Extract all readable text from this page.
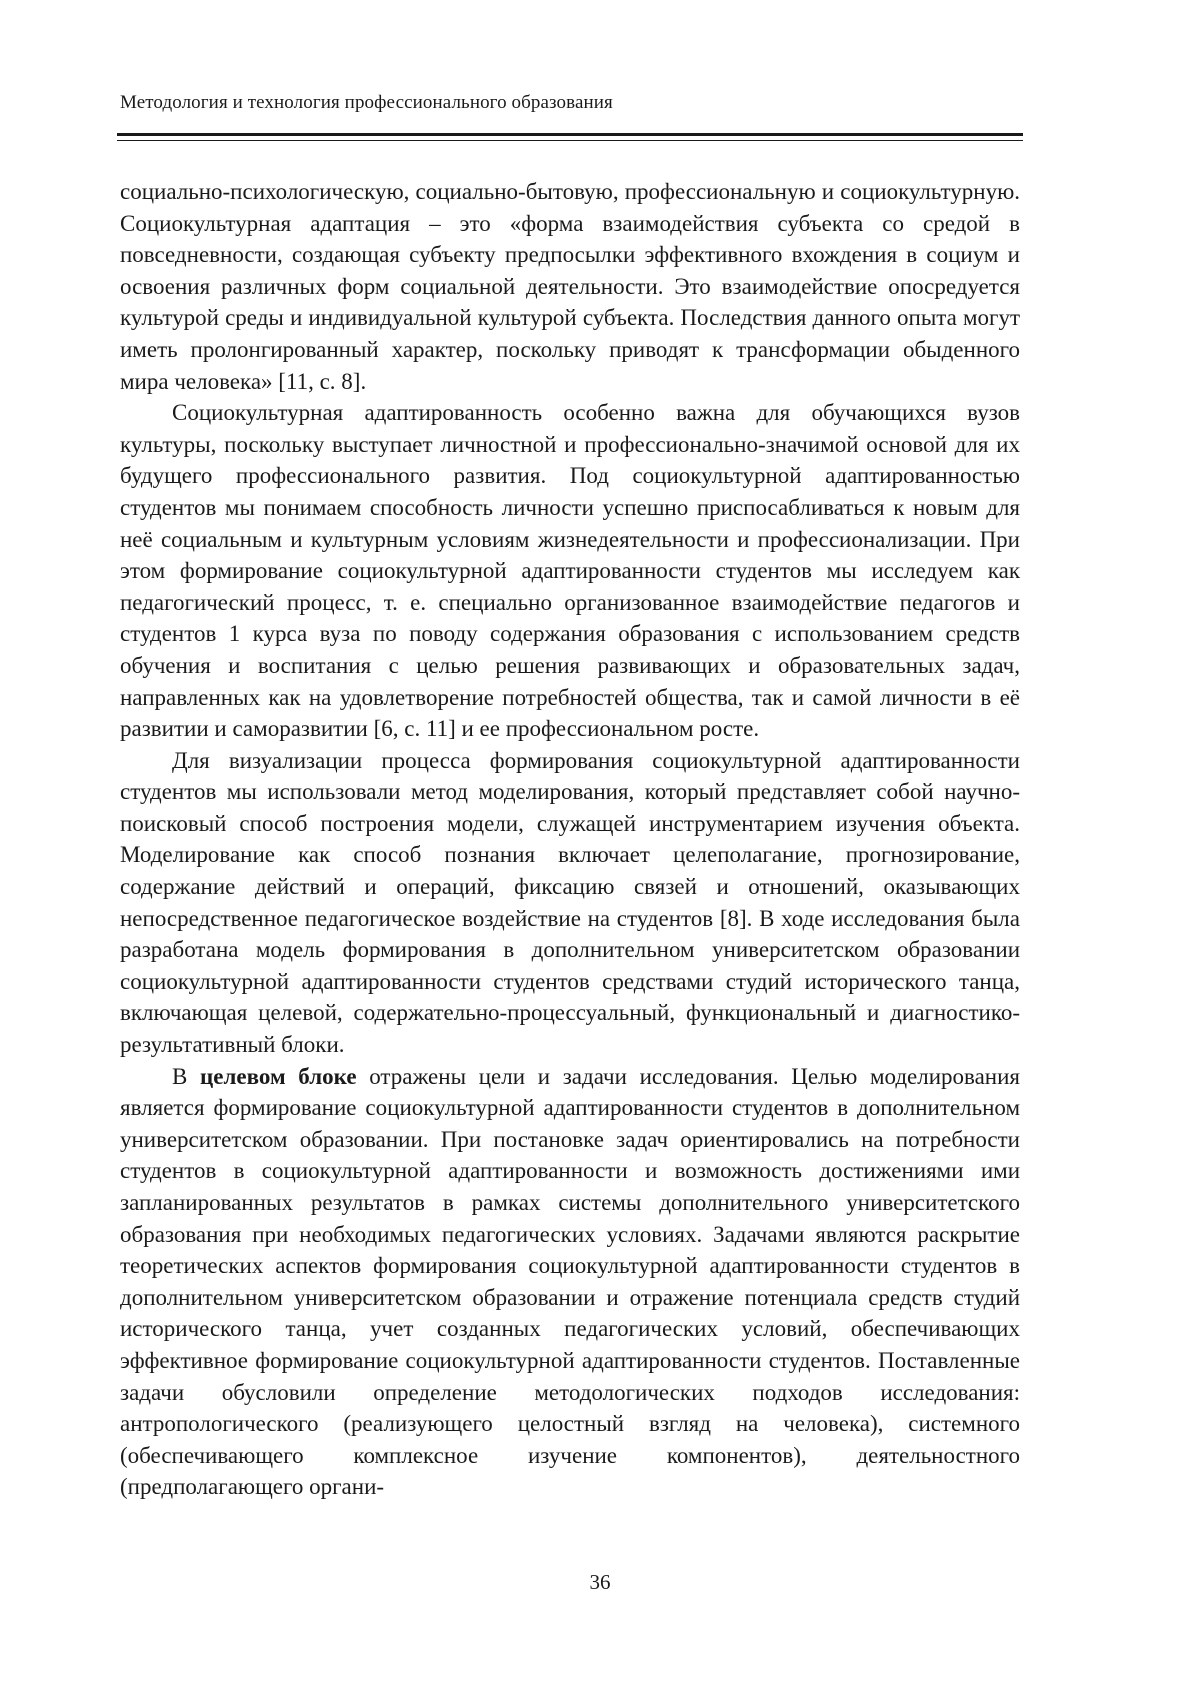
Методология и технология профессионального образования

социально-психологическую, социально-бытовую, профессиональную и социокультурную. Социокультурная адаптация – это «форма взаимодействия субъекта со средой в повседневности, создающая субъекту предпосылки эффективного вхождения в социум и освоения различных форм социальной деятельности. Это взаимодействие опосредуется культурой среды и индивидуальной культурой субъекта. Последствия данного опыта могут иметь пролонгированный характер, поскольку приводят к трансформации обыденного мира человека» [11, с. 8].

Социокультурная адаптированность особенно важна для обучающихся вузов культуры, поскольку выступает личностной и профессионально-значимой основой для их будущего профессионального развития. Под социокультурной адаптированностью студентов мы понимаем способность личности успешно приспосабливаться к новым для неё социальным и культурным условиям жизнедеятельности и профессионализации. При этом формирование социокультурной адаптированности студентов мы исследуем как педагогический процесс, т. е. специально организованное взаимодействие педагогов и студентов 1 курса вуза по поводу содержания образования с использованием средств обучения и воспитания с целью решения развивающих и образовательных задач, направленных как на удовлетворение потребностей общества, так и самой личности в её развитии и саморазвитии [6, с. 11] и ее профессиональном росте.

Для визуализации процесса формирования социокультурной адаптированности студентов мы использовали метод моделирования, который представляет собой научно-поисковый способ построения модели, служащей инструментарием изучения объекта. Моделирование как способ познания включает целеполагание, прогнозирование, содержание действий и операций, фиксацию связей и отношений, оказывающих непосредственное педагогическое воздействие на студентов [8]. В ходе исследования была разработана модель формирования в дополнительном университетском образовании социокультурной адаптированности студентов средствами студий исторического танца, включающая целевой, содержательно-процессуальный, функциональный и диагностико-результативный блоки.

В целевом блоке отражены цели и задачи исследования. Целью моделирования является формирование социокультурной адаптированности студентов в дополнительном университетском образовании. При постановке задач ориентировались на потребности студентов в социокультурной адаптированности и возможность достижениями ими запланированных результатов в рамках системы дополнительного университетского образования при необходимых педагогических условиях. Задачами являются раскрытие теоретических аспектов формирования социокультурной адаптированности студентов в дополнительном университетском образовании и отражение потенциала средств студий исторического танца, учет созданных педагогических условий, обеспечивающих эффективное формирование социокультурной адаптированности студентов. Поставленные задачи обусловили определение методологических подходов исследования: антропологического (реализующего целостный взгляд на человека), системного (обеспечивающего комплексное изучение компонентов), деятельностного (предполагающего органи-

36
